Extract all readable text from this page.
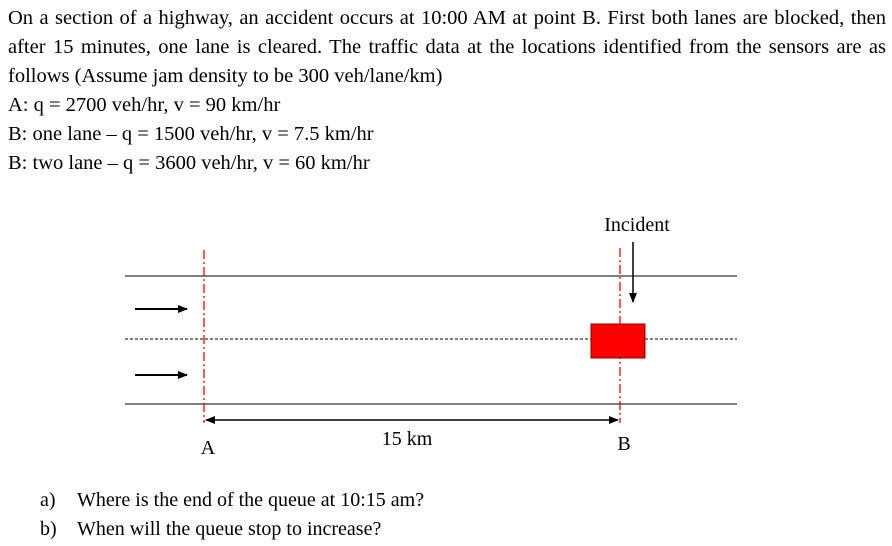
On a section of a highway, an accident occurs at 10:00 AM at point B. First both lanes are blocked, then after 15 minutes, one lane is cleared. The traffic data at the locations identified from the sensors are as follows (Assume jam density to be 300 veh/lane/km)

A: q = 2700 veh/hr, v = 90 km/hr
B: one lane – q = 1500 veh/hr, v = 7.5 km/hr
B: two lane – q = 3600 veh/hr, v = 60 km/hr
Incident
15 km
A	B
a) Where is the end of the queue at 10:15 am?
b) When will the queue stop to increase?
